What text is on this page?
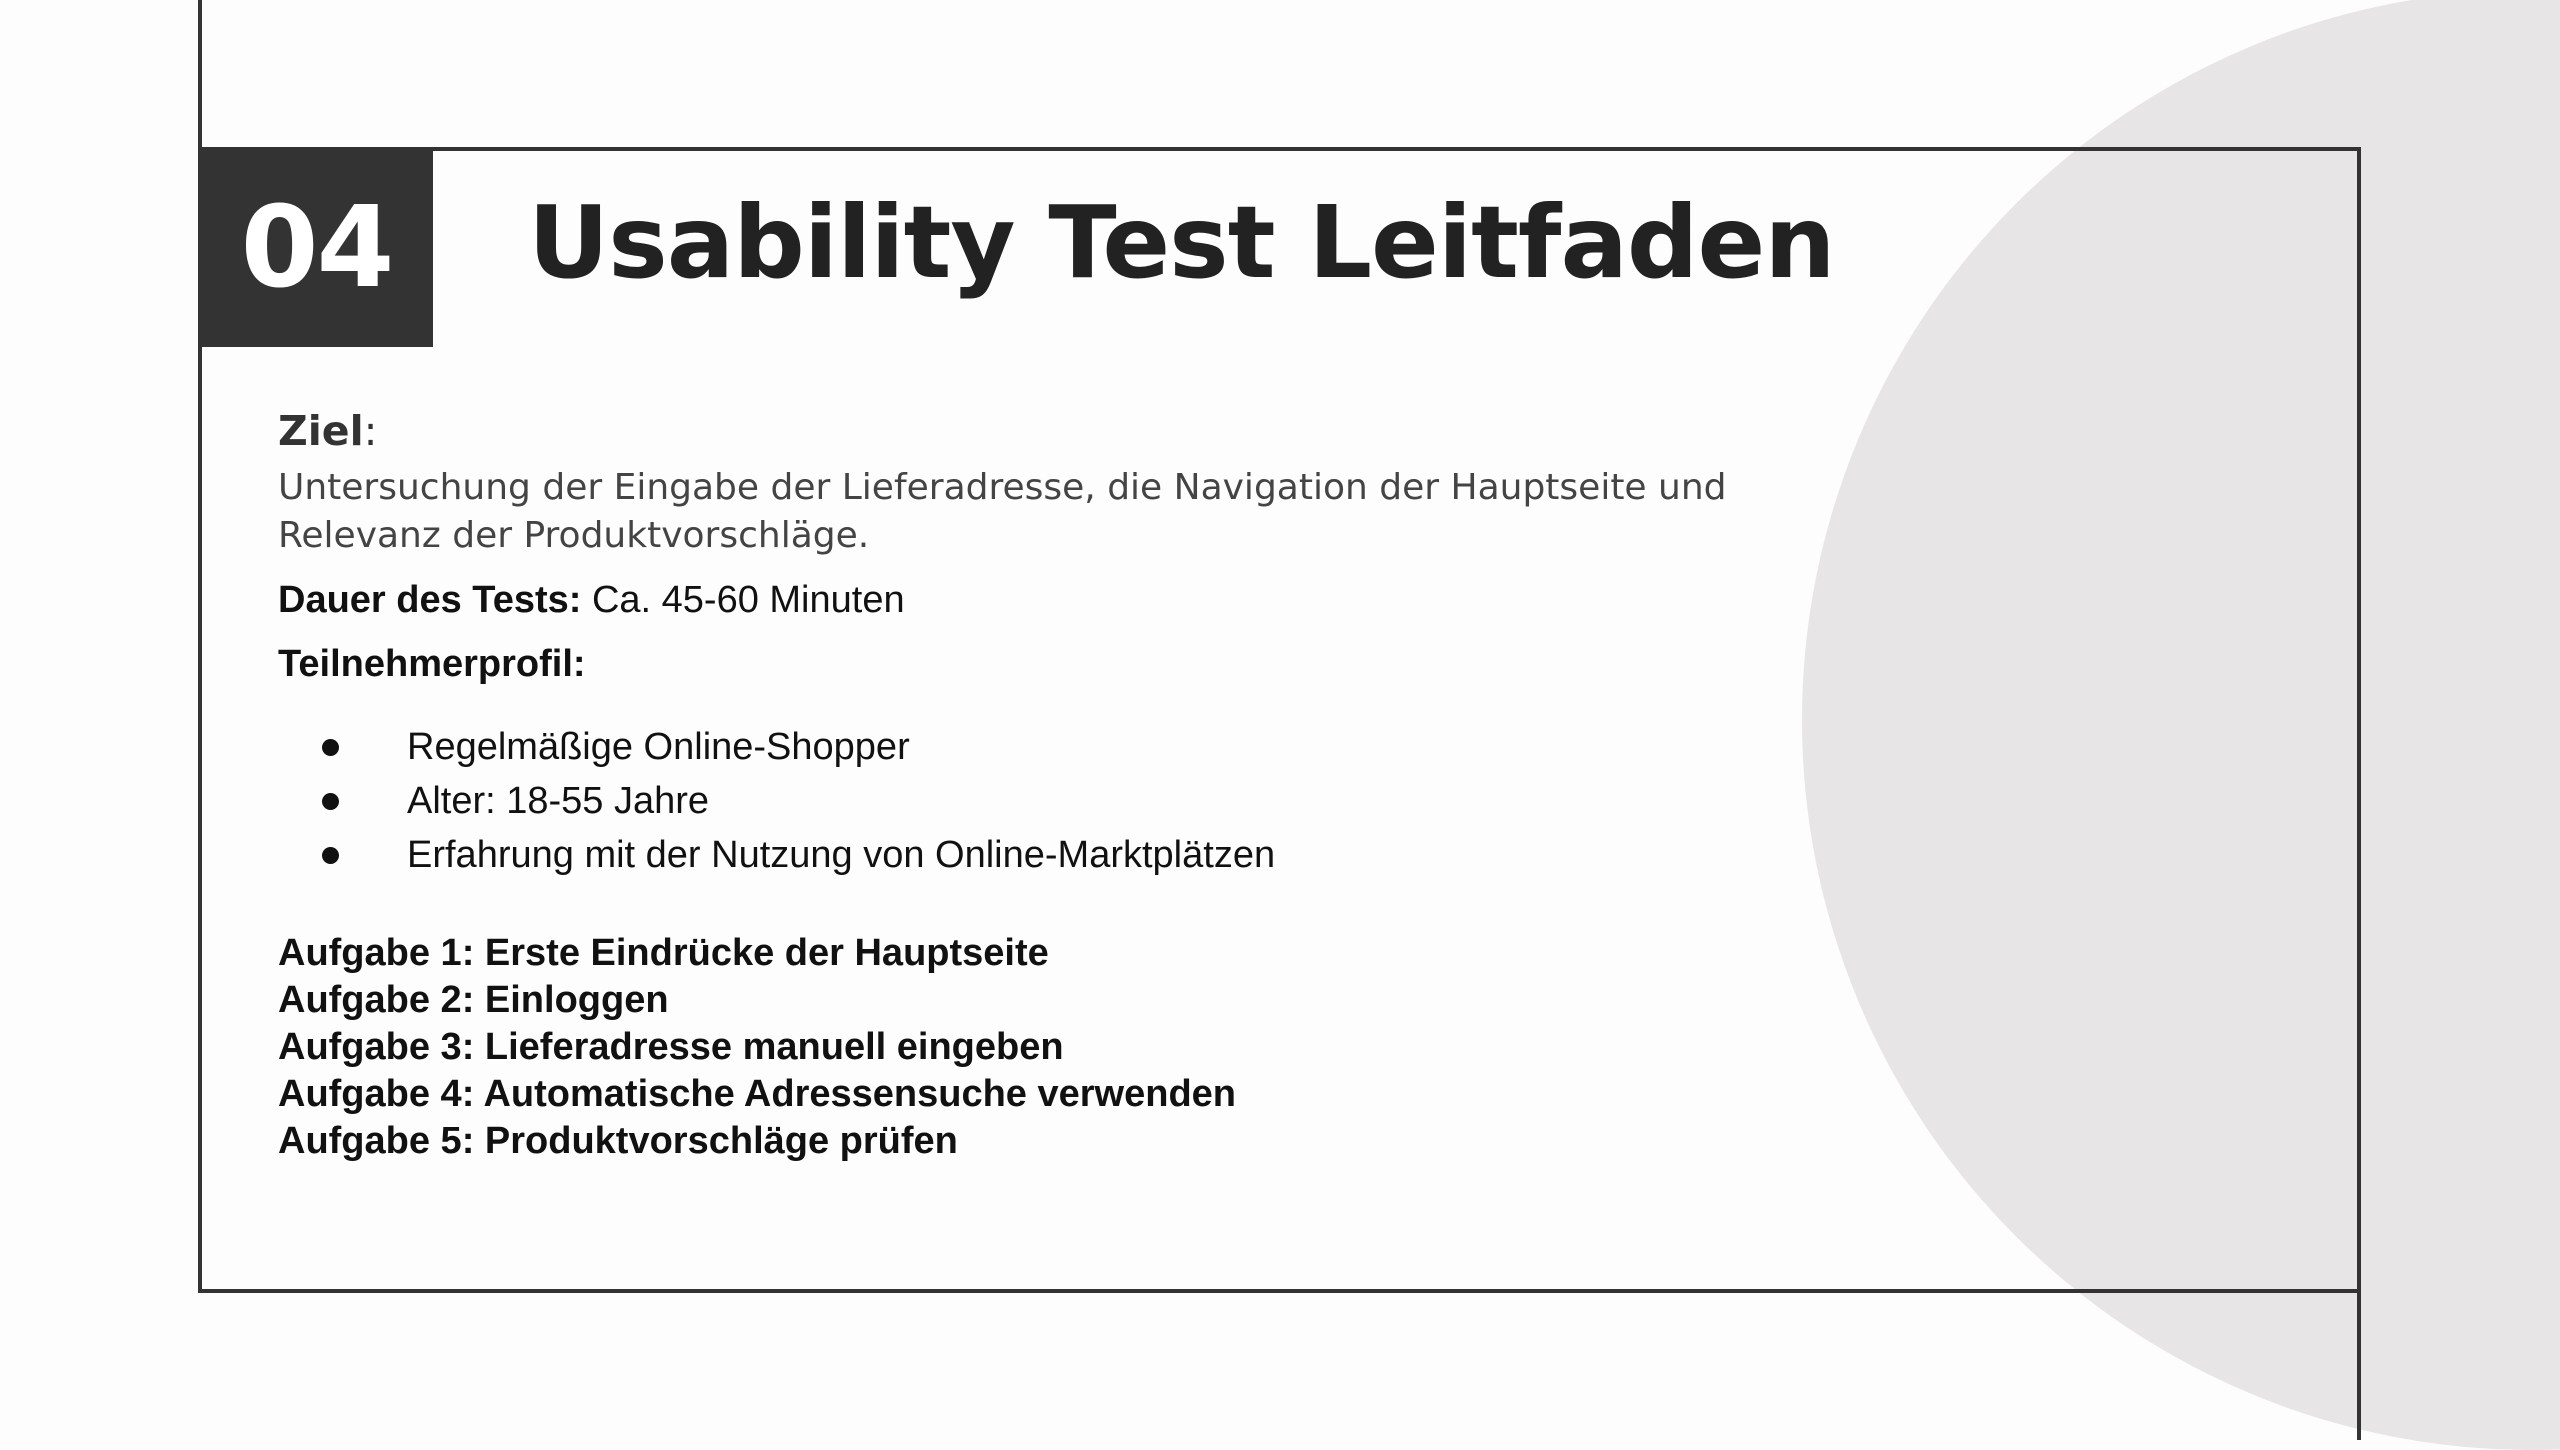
04 Usability Test Leitfaden
Ziel:
Untersuchung der Eingabe der Lieferadresse, die Navigation der Hauptseite und Relevanz der Produktvorschläge.
Dauer des Tests: Ca. 45-60 Minuten
Teilnehmerprofil:
Regelmäßige Online-Shopper
Alter: 18-55 Jahre
Erfahrung mit der Nutzung von Online-Marktplätzen
Aufgabe 1: Erste Eindrücke der Hauptseite
Aufgabe 2: Einloggen
Aufgabe 3: Lieferadresse manuell eingeben
Aufgabe 4: Automatische Adressensuche verwenden
Aufgabe 5: Produktvorschläge prüfen
